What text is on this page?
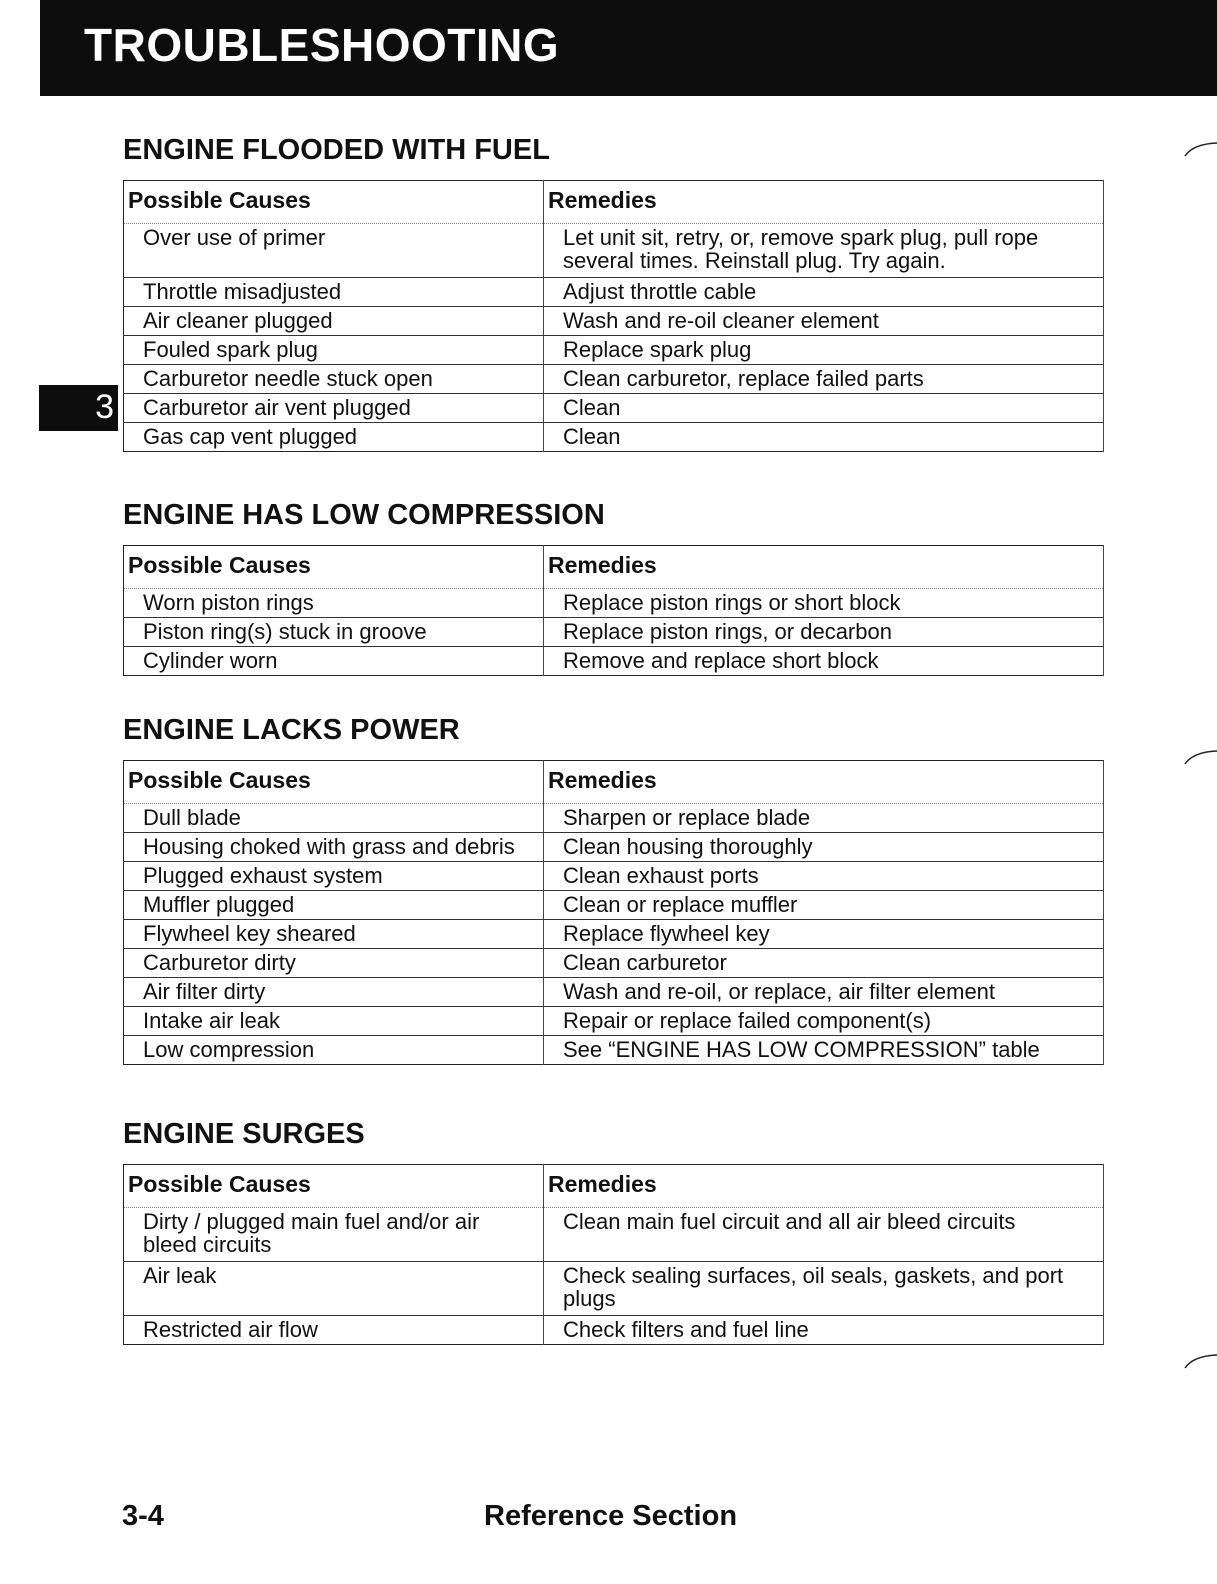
TROUBLESHOOTING
3
ENGINE FLOODED WITH FUEL
Possible Causes	Remedies
Over use of primer	Let unit sit, retry, or, remove spark plug, pull rope several times. Reinstall plug. Try again.
Throttle misadjusted	Adjust throttle cable
Air cleaner plugged	Wash and re-oil cleaner element
Fouled spark plug	Replace spark plug
Carburetor needle stuck open	Clean carburetor, replace failed parts
Carburetor air vent plugged	Clean
Gas cap vent plugged	Clean
ENGINE HAS LOW COMPRESSION
Possible Causes	Remedies
Worn piston rings	Replace piston rings or short block
Piston ring(s) stuck in groove	Replace piston rings, or decarbon
Cylinder worn	Remove and replace short block
ENGINE LACKS POWER
Possible Causes	Remedies
Dull blade	Sharpen or replace blade
Housing choked with grass and debris	Clean housing thoroughly
Plugged exhaust system	Clean exhaust ports
Muffler plugged	Clean or replace muffler
Flywheel key sheared	Replace flywheel key
Carburetor dirty	Clean carburetor
Air filter dirty	Wash and re-oil, or replace, air filter element
Intake air leak	Repair or replace failed component(s)
Low compression	See “ENGINE HAS LOW COMPRESSION” table
ENGINE SURGES
Possible Causes	Remedies
Dirty / plugged main fuel and/or air bleed circuits	Clean main fuel circuit and all air bleed circuits
Air leak	Check sealing surfaces, oil seals, gaskets, and port plugs
Restricted air flow	Check filters and fuel line
3-4	Reference Section
